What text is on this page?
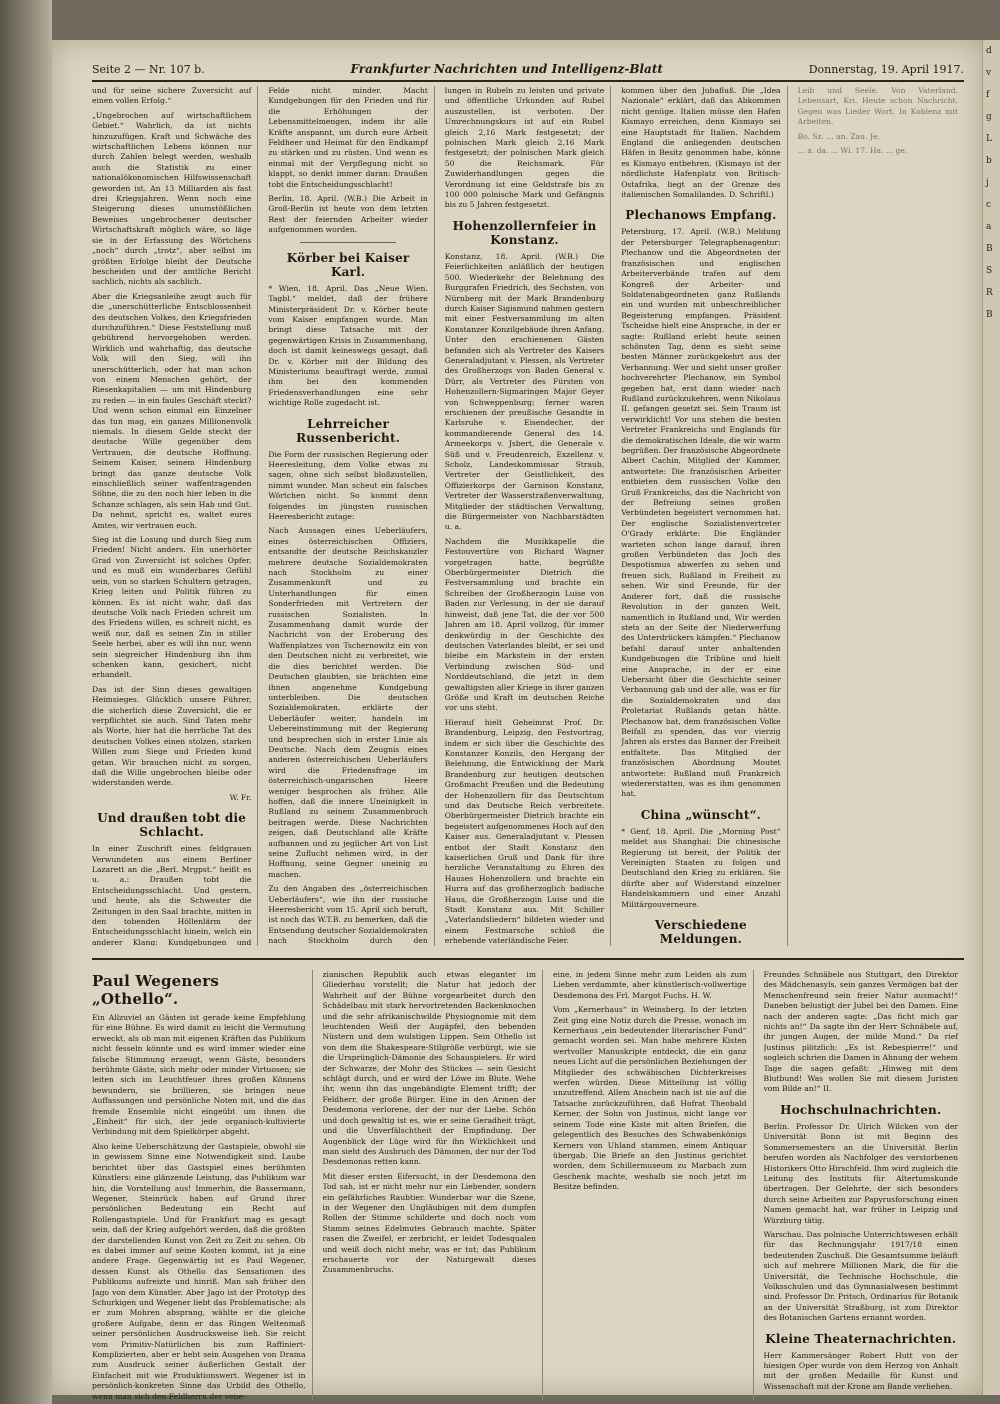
Seite 2 — Nr. 107 b.	Frankfurter Nachrichten und Intelligenz-Blatt	Donnerstag, 19. April 1917.

und für seine sichere Zuversicht auf einen vollen Erfolg.“

„Ungebrochen auf wirtschaftlichem Gebiet.“ Wahrlich, da ist nichts hinzuzufügen. Kraft und Schwäche des wirtschaftlichen Lebens können nur durch Zahlen belegt werden, weshalb auch die Statistik zu einer nationalökonomischen Hilfswissenschaft geworden ist. An 13 Milliarden als fast drei Kriegsjahren. Wenn noch eine Steigerung dieses unumstößlichen Beweises ungebrochener deutscher Wirtschaftskraft möglich wäre, so läge sie in der Erfassung des Wörtchens „noch“ durch „trotz“, aber selbst im größten Erfolge bleibt der Deutsche bescheiden und der amtliche Bericht sachlich, nichts als sachlich.

Aber die Kriegsanleihe zeugt auch für die „unerschütterliche Entschlossenheit des deutschen Volkes, den Kriegsfrieden durchzuführen.“ Diese Feststellung muß gebührend hervorgehoben werden. Wirklich und wahrhaftig, das deutsche Volk will den Sieg, will ihn unerschütterlich, oder hat man schon von einem Menschen gehört, der Riesenkapitalien — um mit Hindenburg zu reden — in ein faules Geschäft steckt? Und wenn schon einmal ein Einzelner das tun mag, ein ganzes Millionenvolk niemals. In diesem Gelde steckt der deutsche Wille gegenüber dem Vertrauen, die deutsche Hoffnung. Seinem Kaiser, seinem Hindenburg bringt das ganze deutsche Volk einschließlich seiner waffentragenden Söhne, die zu den noch hier leben in die Schanze schlagen, als sein Hab und Gut. Da nehmt, spricht es, waltet eures Amtes, wir vertrauen euch.

Sieg ist die Losung und durch Sieg zum Frieden! Nicht anders. Ein unerhörter Grad von Zuversicht ist solches Opfer, und es muß ein wunderbares Gefühl sein, von so starken Schultern getragen, Krieg leiten und Politik führen zu können. Es ist nicht wahr, daß das deutsche Volk nach Frieden schreit um des Friedens willen, es schreit nicht, es weiß nur, daß es seinen Zin in stiller Seele herbei, aber es will ihn nur, wenn sein siegreicher Hindenburg ihn ihm schenken kann, gesichert, nicht erhandelt.

Das ist der Sinn dieses gewaltigen Heimsieges. Glücklich unsere Führer, die sicherlich diese Zuversicht, die er verpflichtet sie auch. Sind Taten mehr als Worte, hier hat die herrliche Tat des deutschen Volkes einen stolzen, starken Willen zum Siege und Frieden kund getan. Wir brauchen nicht zu sorgen, daß die Wille ungebrochen bleibe oder widerstanden werde.

W. Fr.

Und draußen tobt die Schlacht.

In einer Zuschrift eines feldgrauen Verwundeten aus einem Berliner Lazarett an die „Berl. Mrgpst.“ heißt es u. a.: Draußen tobt die Entscheidungsschlacht. Und gestern, und heute, als die Schwester die Zeitungen in den Saal brachte, mitten in den tobenden Höllenlärm der Entscheidungsschlacht hinein, welch ein anderer Klang: Kundgebungen und

Felde nicht minder. Macht Kundgebungen für den Frieden und für die Erhöhungen der Lebensmittelmengen, indem ihr alle Kräfte anspannt, um durch eure Arbeit Feldheer und Heimat für den Endkampf zu stärken und zu rüsten. Und wenn es einmal mit der Verpflegung nicht so klappt, so denkt immer daran: Draußen tobt die Entscheidungsschlacht!

Berlin, 18. April. (W.B.) Die Arbeit in Groß-Berlin ist heute von dem letzten Rest der feiernden Arbeiter wieder aufgenommen worden.

Körber bei Kaiser Karl.

* Wien, 18. April. Das „Neue Wien. Tagbl.“ meldet, daß der frühere Ministerpräsident Dr. v. Körber heute vom Kaiser empfangen wurde. Man bringt diese Tatsache mit der gegenwärtigen Krisis in Zusammenhang, doch ist damit keineswegs gesagt, daß Dr. v. Körber mit der Bildung des Ministeriums beauftragt werde, zumal ihm bei den kommenden Friedensverhandlungen eine sehr wichtige Rolle zugedacht ist.

Lehrreicher Russenbericht.

Die Form der russischen Regierung oder Heeresleitung, dem Volke etwas zu sagen, ohne sich selbst bloßzustellen, nimmt wunder. Man scheut ein falsches Wörtchen nicht. So kommt denn folgendes im jüngsten russischen Heeresbericht zutage:

Nach Aussagen eines Ueberläufers, eines österreichischen Offiziers, entsandte der deutsche Reichskanzler mehrere deutsche Sozialdemokraten nach Stockholm zu einer Zusammenkunft und zu Unterhandlungen für einen Sonderfrieden mit Vertretern der russischen Sozialisten. In Zusammenhang damit wurde der Nachricht von der Eroberung des Waffenplatzes von Tschernowitz ein von den Deutschen nicht zu verbreitet, wie die dies berichtet werden. Die Deutschen glaubten, sie brächten eine ihnen angenehme Kundgebung unterbleiben. Die deutschen Sozialdemokraten, erklärte der Ueberläufer weiter, handeln im Uebereinstimmung mit der Regierung und besprechen sich in erster Linie als Deutsche. Nach dem Zeugnis eines anderen österreichischen Ueberläufers wird die Friedensfrage im österreichisch-ungarischen Heere weniger besprochen als früher. Alle hoffen, daß die innere Uneinigkeit in Rußland zu seinem Zusammenbruch beitragen werde. Diese Nachrichten zeigen, daß Deutschland alle Kräfte aufbannen und zu jeglicher Art von List seine Zuflucht nehmen wird, in der Hoffnung, seine Gegner uneinig zu machen.

Zu den Angaben des „österreichischen Ueberläufers“, wie ihn der russische Heeresbericht vom 15. April sich beruft, ist noch das W.T.B. zu bemerken, daß die Entsendung deutscher Sozialdemokraten nach Stockholm durch den

lungen in Rubeln zu leisten und private und öffentliche Urkunden auf Rubel auszustellen, ist verboten. Der Umrechnungskurs ist auf ein Rubel gleich 2,16 Mark festgesetzt; der polnischen Mark gleich 2,16 Mark festgesetzt; der polnischen Mark gleich 50 die Reichsmark. Für Zuwiderhandlungen gegen die Verordnung ist eine Geldstrafe bis zu 100 000 polnische Mark und Gefängnis bis zu 5 Jahren festgesetzt.

Hohenzollernfeier in Konstanz.

Konstanz, 18. April. (W.B.) Die Feierlichkeiten anläßlich der heutigen 500. Wiederkehr der Belehnung des Burggrafen Friedrich, des Sechsten, von Nürnberg mit der Mark Brandenburg durch Kaiser Sigismund nahmen gestern mit einer Festversammlung im alten Konstanzer Konzilgebäude ihren Anfang. Unter den erschienenen Gästen befanden sich als Vertreter des Kaisers Generaladjutant v. Plessen, als Vertreter des Großherzogs von Baden General v. Dürr, als Vertreter des Fürsten von Hohenzollern-Sigmaringen Major Geyer von Schweppenburg; ferner waren erschienen der preußische Gesandte in Karlsruhe v. Eisendecher, der kommandierende General des 14. Armeekorps v. Jsbert, die Generale v. Süß und v. Freudenreich, Exzellenz v. Scholz, Landeskommissar Straub, Vertreter der Geistlichkeit, des Offizierkorps der Garnison Konstanz, Vertreter der Wasserstraßenverwaltung, Mitglieder der städtischen Verwaltung, die Bürgermeister von Nachbarstädten u. a.

Nachdem die Musikkapelle die Festouvertüre von Richard Wagner vorgetragen hatte, begrüßte Oberbürgermeister Dietrich die Festversammlung und brachte ein Schreiben der Großherzogin Luise von Baden zur Verlesung, in der sie darauf hinweist, daß jene Tat, die der vor 500 Jahren am 18. April vollzog, für immer denkwürdig in der Geschichte des deutschen Vaterlandes bleibt, er sei und bleibe ein Markstein in der ersten Verbindung zwischen Süd- und Norddeutschland, die jetzt in dem gewaltigsten aller Kriege in ihrer ganzen Größe und Kraft im deutschen Reiche vor uns steht.

Hierauf hielt Geheimrat Prof. Dr. Brandenburg, Leipzig, den Festvortrag, indem er sich über die Geschichte des Konstanzer Konzils, den Hergang der Belehnung, die Entwicklung der Mark Brandenburg zur heutigen deutschen Großmacht Preußen und die Bedeutung der Hohenzollern für das Deutschtum und das Deutsche Reich verbreitete. Oberbürgermeister Dietrich brachte ein begeistert aufgenommenes Hoch auf den Kaiser aus. Generaladjutant v. Plessen entbot der Stadt Konstanz den kaiserlichen Gruß und Dank für ihre herzliche Veranstaltung zu Ehren des Hauses Hohenzollern und brachte ein Hurra auf das großherzoglich badische Haus, die Großherzogin Luise und die Stadt Konstanz aus. Mit Schiller „Vaterlandsliedern“ bildeten wieder und einem Festmarsche schloß die erhebende vaterländische Feier.

kommen über den Jubafluß. Die „Idea Nazionale“ erklärt, daß das Abkommen nicht genüge. Italien müsse den Hafen Kismayo erreichen, denn Kismayo sei eine Hauptstadt für Italien. Nachdem England die anliegenden deutschen Häfen in Besitz genommen habe, könne es Kismayo entbehren. (Kismayo ist der nördlichste Hafenplatz von Britisch-Ostafrika, liegt an der Grenze des italienischen Somalilandes. D. Schriftl.)

Plechanows Empfang.

Petersburg, 17. April. (W.B.) Meldung der Petersburger Telegraphenagentur: Plechanow und die Abgeordneten der französischen und englischen Arbeiterverbände trafen auf dem Kongreß der Arbeiter- und Soldatenabgeordneten ganz Rußlands ein und wurden mit unbeschreiblicher Begeisterung empfangen. Präsident Tscheidse hielt eine Ansprache, in der er sagte: Rußland erlebt heute seinen schönsten Tag, denn es sieht seine besten Männer zurückgekehrt aus der Verbannung. Wer und sieht unser großer hochverehrter Plechanow, ein Symbol gegeben hat, erst dann wieder nach Rußland zurückzukehren, wenn Nikolaus II. gefangen gesetzt sei. Sein Traum ist verwirklicht! Vor uns stehen die besten Vertreter Frankreichs und Englands für die demokratischen Ideale, die wir warm begrüßen. Der französische Abgeordnete Albert Cachin, Mitglied der Kammer, antwortete: Die französischen Arbeiter entbieten dem russischen Volke den Gruß Frankreichs, das die Nachricht von der Befreiung seines großen Verbündeten begeistert vernommen hat. Der englische Sozialistenvertreter O'Grady erklärte: Die Engländer warteten schon lange darauf, ihren großen Verbündeten das Joch des Despotismus abwerfen zu sehen und freuen sich, Rußland in Freiheit zu sehen. Wir sind Freunde, für der Anderer fort, daß die russische Revolution in der ganzen Welt, namentlich in Rußland und, Wir werden stets an der Seite der Niederwerfung des Unterdrückers kämpfen.“ Plechanow befahl darauf unter anhaltenden Kundgebungen die Tribüne und hielt eine Ansprache, in der er eine Uebersicht über die Geschichte seiner Verbannung gab und der alle, was er für die Sozialdemokraten und das Proletariat Rußlands getan hätte. Plechanow bat, dem französischen Volke Beifall zu spenden, das vor vierzig Jahren als erstes das Banner der Freiheit entfaltete. Das Mitglied der französischen Abordnung Moutet antwortete: Rußland muß Frankreich wiedererstatten, was es ihm genommen hat.

China „wünscht“.

* Genf, 18. April. Die „Morning Post“ meldet aus Shanghai: Die chinesische Regierung ist bereit, der Politik der Vereinigten Staaten zu folgen und Deutschland den Krieg zu erklären. Sie dürfte aber auf Widerstand einzelner Handelskammern und einer Anzahl Militärgouverneure.

Verschiedene Meldungen.

Leib und Seele. Von Vaterland. Lebensart, Kri. Heute schon Nachricht. Gegen was Lieder Wort. In Koblenz mit Arbeiten.

Bo. Sz. ... an. Zau. Je.

... a. da. ... Wi. 17. Ha. ... ge.

Paul Wegeners „Othello“.

Ein Allzuviel an Gästen ist gerade keine Empfehlung für eine Bühne. Es wird damit zu leicht die Vermutung erweckt, als ob man mit eigenen Kräften das Publikum nicht fesseln könnte und es wird immer wieder eine falsche Stimmung erzeugt, wenn Gäste, besonders berühmte Gäste, sich mehr oder minder Virtuosen; sie leiten sich im Leuchtfeuer ihres großen Könnens bewundern, sie brillieren, sie bringen neue Auffassungen und persönliche Noten mit, und die das fremde Ensemble nicht eingeübt um ihnen die „Einheit“ für sich, der jede organisch-kultivierte Verbindung mit dem Spielkörper abgeht.

Also keine Ueberschätzung der Gastspiele, obwohl sie in gewissem Sinne eine Notwendigkeit sind. Laube berichtet über das Gastspiel eines berühmten Künstlers: eine glänzende Leistung, das Publikum war hin, die Vorstellung aus! Immerhin, die Bassermann, Wegener, Steinrück haben auf Grund ihrer persönlichen Bedeutung ein Recht auf Rollengastspiele. Und für Frankfurt mag es gesagt sein, daß der Krieg aufgehört werden, daß die größten der darstellenden Kunst von Zeit zu Zeit zu sehen. Ob es dabei immer auf seine Kosten kommt, ist ja eine andere Frage. Gegenwärtig ist es Paul Wegener, dessen Kunst als Othello das Sensationen des Publikums aufreizte und hinriß. Man sah früher den Jago von dem Künstler. Aber Jago ist der Prototyp des Schurkigen und Wegener liebt das Problematische; als er zum Mohren absprang, wählte er die gleiche großere Aufgabe, denn er das Ringen Weltenmaß seiner persönlichen Ausdrucksweise lieh. Sie reicht vom Primitiv-Natürlichen bis zum Raffiniert-Komplizierten, aber er hebt sein Ausgehen von Drama zum Ausdruck seiner äußerlichen Gestalt der Einfacheit mit wie Produktionswert. Wegener ist in persönlich-konkreten Sinne das Urbild des Othello, wenn man sich den Feldherrn der vene-

zianischen Republik auch etwas eleganter im Gliederbau vorstellt; die Natur hat jedoch der Wahrheit auf der Bühne vorgearbeitet durch den Schädelbau mit stark hervortretenden Backenknochen und die sehr afrikanischwilde Physiognomie mit dem leuchtenden Weiß der Augäpfel, den bebenden Nüstern und dem wulstigen Lippen. Sein Othello ist von dem die Shakespeare-Stilgröße verbürgt, wie sie die Ursprünglich-Dämonie des Schauspielers. Er wird der Schwarze, der Mohr des Stückes — sein Gesicht schlägt durch, und er wird der Löwe im Blute. Wehe ihr, wenn ihn das ungebändigte Element trifft; der Feldherr, der große Bürger. Eine in den Armen der Desdemona verlorene, der der nur der Liebe. Schön und doch gewaltig ist es, wie er seine Geradheit trägt, und die Unverfälschtheit der Empfindung. Der Augenblick der Lüge wird für ihn Wirklichkeit und man sieht des Ausbruch des Dämonen, der nur der Tod Desdemonas retten kann.

Mit dieser ersten Eifersucht, in der Desdemona den Tod sah, ist er nicht mehr nur ein Liebender, sondern ein gefährliches Raubtier. Wunderbar war die Szene, in der Wegener den Ungläubigen mit dem dumpfen Rollen der Stimme schilderte und doch noch vom Stamm seines Edelmutes Gebrauch machte. Später rasen die Zweifel, er zerbricht, er leidet Todesqualen und weiß doch nicht mehr, was er tut; das Publikum erschauerte vor der Naturgewalt dieses Zusammenbruchs.

eine, in jedem Sinne mehr zum Leiden als zum Lieben verdammte, aber künstlerisch-vollwertige Desdemona des Frl. Margot Fuchs. H. W.

Vom „Kernerhaus“ in Weinsberg. In der letzten Zeit ging eine Notiz durch die Presse, wonach im Kernerhaus „ein bedeutender literarischer Fund“ gemacht worden sei. Man habe mehrere Kisten wertvoller Manuskripte entdeckt, die ein ganz neues Licht auf die persönlichen Beziehungen der Mitglieder des schwäbischen Dichterkreises werfen würden. Diese Mitteilung ist völlig unzutreffend. Allem Anschein nach ist sie auf die Tatsache zurückzuführen, daß Hofrat Theobald Kerner, der Sohn von Justinus, nicht lange vor seinem Tode eine Kiste mit alten Briefen, die gelegentlich des Besuches des Schwabenkönigs Kerners von Uhland stammen, einem Antiquar übergab. Die Briefe an den Justinus gerichtet worden, dem Schillermuseum zu Marbach zum Geschenk machte, weshalb sie noch jetzt im Besitze befinden.

Freundes Schnäbele aus Stuttgart, den Direktor des Mädchenasyls, sein ganzes Vermögen bat der Menschenfreund sein freier Natur ausmacht!“ Daneben belustigt der Jubel bei den Damen. Eine nach der anderen sagte: „Das ficht mich gar nichts an!“ Da sagte ihn der Herr Schnäbele auf, ihr jungen Augen, der milde Mund.“ Da rief Justinus plötzlich: „Es ist Rebespierre!“ und sogleich schrien die Damen in Ahnung der wehem Tage die sagen gefaßt: „Hinweg mit dem Blutbund! Was wollen Sie mit diesem Juristen vom Bilde an!“ II.

Hochschulnachrichten.

Berlin. Professor Dr. Ulrich Wilcken von der Universität Bonn ist mit Beginn des Sommersemesters an die Universität Berlin berufen worden als Nachfolger des verstorbenen Historikers Otto Hirschfeld. Ihm wird zugleich die Leitung des Instituts für Altertumskunde übertragen. Der Gelehrte, der sich besonders durch seine Arbeiten zur Papyrusforschung einen Namen gemacht hat, war früher in Leipzig und Würzburg tätig.

Warschau. Das polnische Unterrichtswesen erhält für das Rechnungsjahr 1917/18 einen bedeutenden Zuschuß. Die Gesamtsumme beläuft sich auf mehrere Millionen Mark, die für die Universität, die Technische Hochschule, die Volksschulen und das Gymnasialwesen bestimmt sind. Professor Dr. Pritsch, Ordinarius für Botanik an der Universität Straßburg, ist zum Direktor des Botanischen Gartens ernannt worden.

Kleine Theaternachrichten.

Herr Kammersänger Robert Hutt von der hiesigen Oper wurde von dem Herzog von Anhalt mit der großen Medaille für Kunst und Wissenschaft mit der Krone am Bande verliehen.

d
v
f
g
L
b
j
c
a
B
S
R
B
